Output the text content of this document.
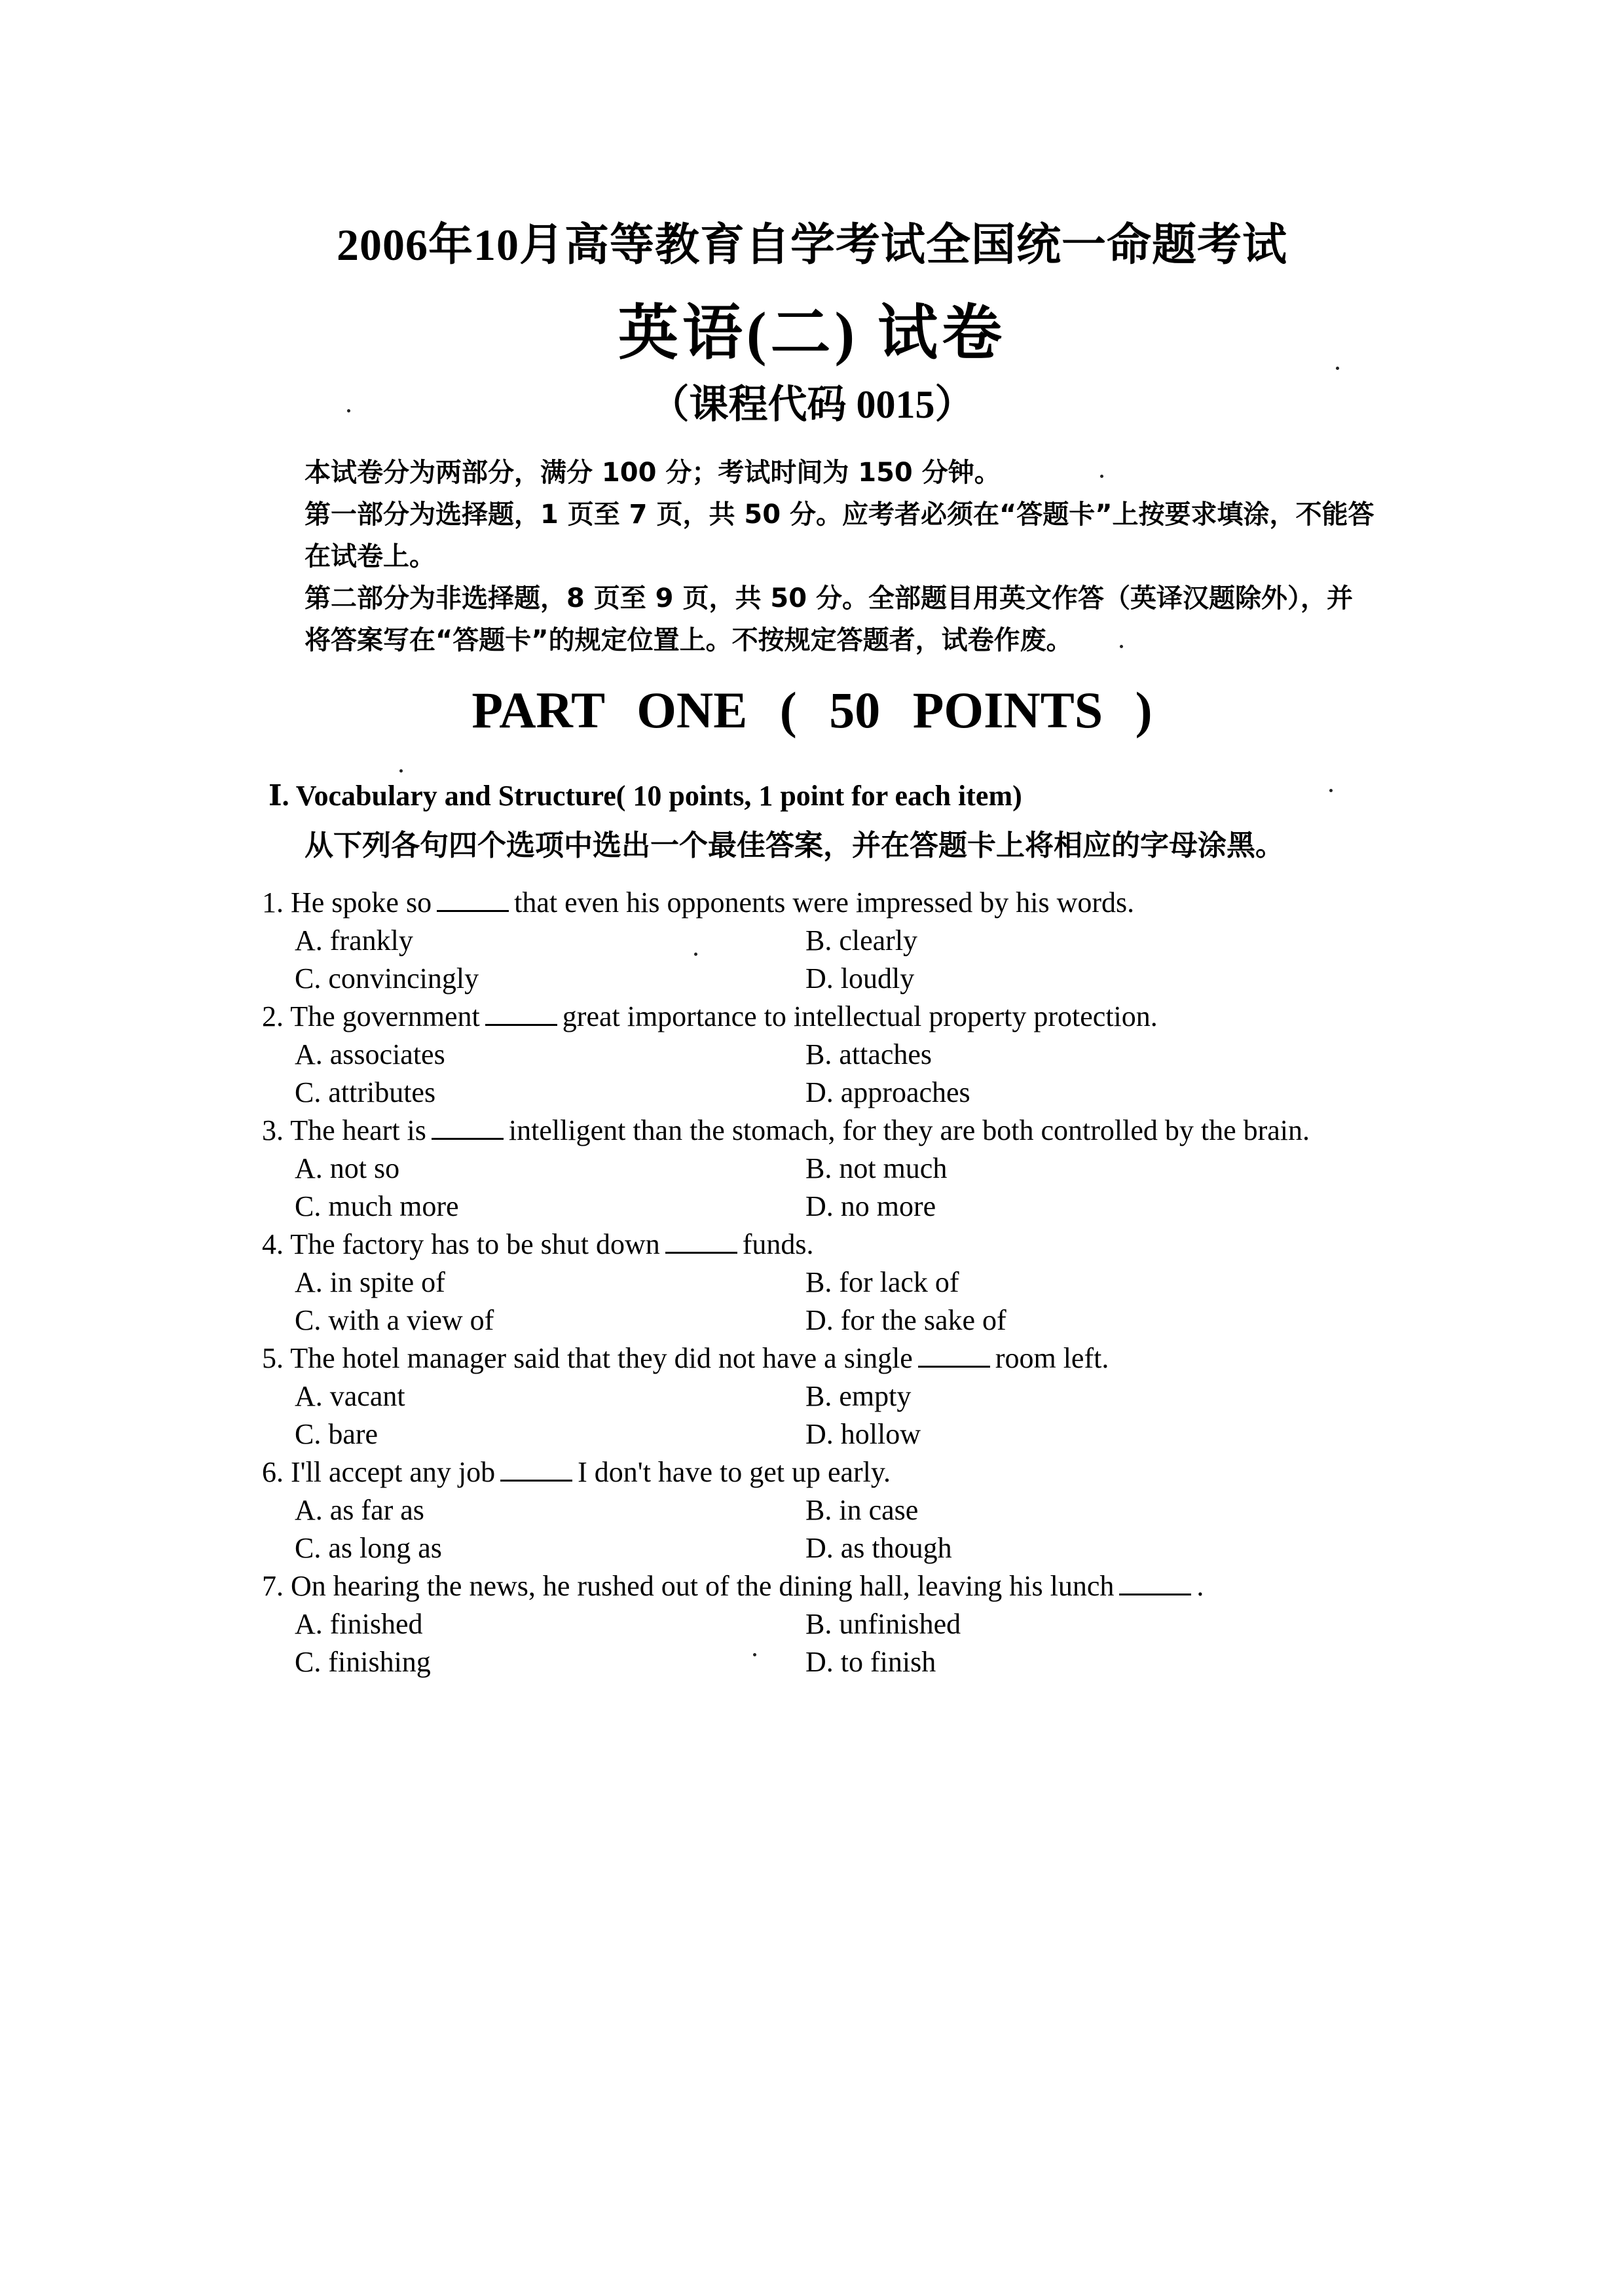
2006年10月高等教育自学考试全国统一命题考试
英语(二) 试卷
（课程代码 0015）

本试卷分为两部分，满分 100 分；考试时间为 150 分钟。

第一部分为选择题，1 页至 7 页，共 50 分。应考者必须在“答题卡”上按要求填涂，不能答在试卷上。

第二部分为非选择题，8 页至 9 页，共 50 分。全部题目用英文作答（英译汉题除外），并将答案写在“答题卡”的规定位置上。不按规定答题者，试卷作废。

PART ONE ( 50 POINTS )
Ⅰ. Vocabulary and Structure( 10 points, 1 point for each item)
从下列各句四个选项中选出一个最佳答案，并在答题卡上将相应的字母涂黑。

1. He spoke so	that even his opponents were impressed by his words.

A. frankly	B. clearly
C. convincingly	D. loudly

2. The government	great importance to intellectual property protection.

A. associates	B. attaches
C. attributes	D. approaches

3. The heart is	intelligent than the stomach, for they are both controlled by the brain.

A. not so	B. not much
C. much more	D. no more

4. The factory has to be shut down	funds.

A. in spite of	B. for lack of
C. with a view of	D. for the sake of

5. The hotel manager said that they did not have a single	room left.

A. vacant	B. empty
C. bare	D. hollow

6. I'll accept any job	I don't have to get up early.

A. as far as	B. in case
C. as long as	D. as though

7. On hearing the news, he rushed out of the dining hall, leaving his lunch	.

A. finished	B. unfinished
C. finishing	D. to finish
